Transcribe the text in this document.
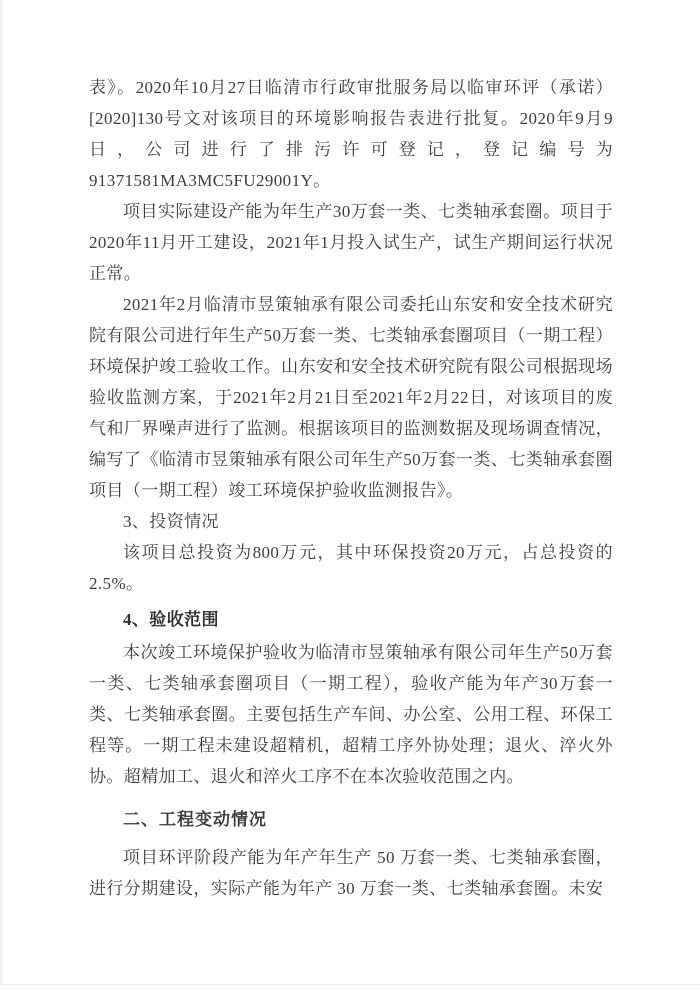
表》。2020年10月27日临清市行政审批服务局以临审环评（承诺）[2020]130号文对该项目的环境影响报告表进行批复。2020年9月9日，公司进行了排污许可登记，登记编号为91371581MA3MC5FU29001Y。

项目实际建设产能为年生产30万套一类、七类轴承套圈。项目于2020年11月开工建设，2021年1月投入试生产，试生产期间运行状况正常。

2021年2月临清市昱策轴承有限公司委托山东安和安全技术研究院有限公司进行年生产50万套一类、七类轴承套圈项目（一期工程）环境保护竣工验收工作。山东安和安全技术研究院有限公司根据现场验收监测方案，于2021年2月21日至2021年2月22日，对该项目的废气和厂界噪声进行了监测。根据该项目的监测数据及现场调查情况，编写了《临清市昱策轴承有限公司年生产50万套一类、七类轴承套圈项目（一期工程）竣工环境保护验收监测报告》。

3、投资情况

该项目总投资为800万元，其中环保投资20万元，占总投资的2.5%。

4、验收范围

本次竣工环境保护验收为临清市昱策轴承有限公司年生产50万套一类、七类轴承套圈项目（一期工程），验收产能为年产30万套一类、七类轴承套圈。主要包括生产车间、办公室、公用工程、环保工程等。一期工程未建设超精机，超精工序外协处理；退火、淬火外协。超精加工、退火和淬火工序不在本次验收范围之内。

二、工程变动情况

项目环评阶段产能为年产年生产 50 万套一类、七类轴承套圈，进行分期建设，实际产能为年产 30 万套一类、七类轴承套圈。未安
